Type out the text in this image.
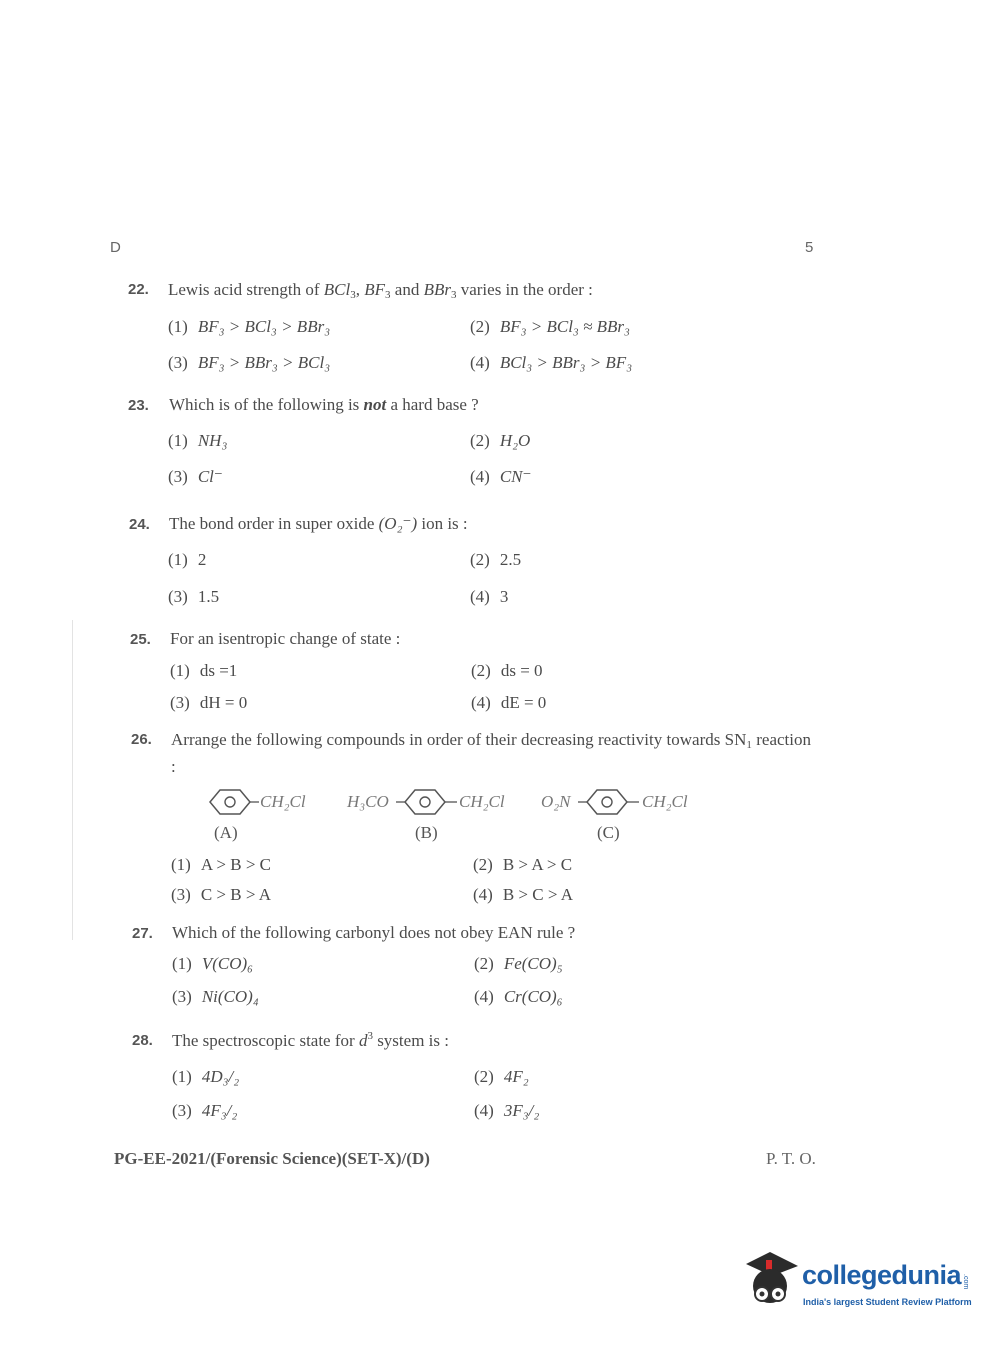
D	5
22. Lewis acid strength of BCl$_3$, $BF_3$ and BBr$_3$ varies in the order :
(1) BF₃ > BCl₃ > BBr₃	(2) BF₃ > BCl₃ ≈ BBr₃
(3) BF₃ > BBr₃ > BCl₃	(4) BCl₃ > BBr₃ > BF₃
23. Which is of the following is not a hard base ?
(1) NH₃	(2) H₂O
(3) Cl⁻	(4) CN⁻
24. The bond order in super oxide (O₂⁻) ion is :
(1) 2	(2) 2.5
(3) 1.5	(4) 3
25. For an isentropic change of state :
(1) ds =1	(2) ds = 0
(3) dH = 0	(4) dE = 0
26. Arrange the following compounds in order of their decreasing reactivity towards $SN_1$ reaction :
CH₂Cl
(A)
H₃CO	CH₂Cl
(B)
O₂N	CH₂Cl
(C)
(1) A > B > C	(2) B > A > C
(3) C > B > A	(4) B > C > A
27. Which of the following carbonyl does not obey EAN rule ?
(1) V(CO)₆	(2) Fe(CO)₅
(3) Ni(CO)₄	(4) Cr(CO)₆
28. The spectroscopic state for $d^3$ system is :
(1) 4D₃/₂	(2) 4F₂
(3) 4F₃/₂	(4) 3F₃/₂
PG-EE-2021/(Forensic Science)(SET-X)/(D)	P. T. O.
collegedunia .com
India's largest Student Review Platform
